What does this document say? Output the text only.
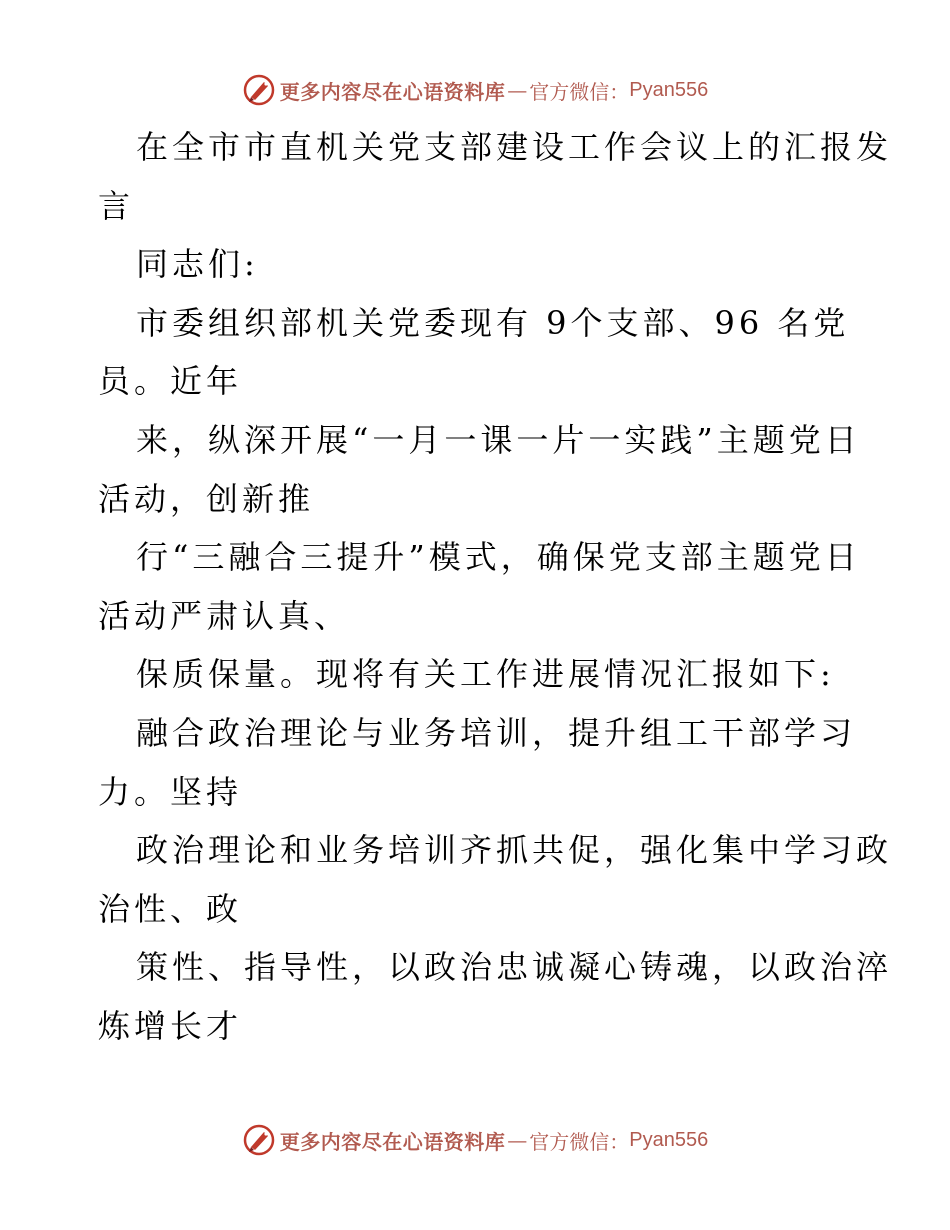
更多内容尽在心语资料库 — 官方微信： Pyan556
在全市市直机关党支部建设工作会议上的汇报发
言
同志们:
市委组织部机关党委现有 9个支部、96 名党
员。近年
来，纵深开展“一月一课一片一实践”主题党日
活动，创新推
行“三融合三提升”模式，确保党支部主题党日
活动严肃认真、
保质保量。现将有关工作进展情况汇报如下:
融合政治理论与业务培训，提升组工干部学习
力。坚持
政治理论和业务培训齐抓共促，强化集中学习政
治性、政
策性、指导性，以政治忠诚凝心铸魂，以政治淬
炼增长才
更多内容尽在心语资料库 — 官方微信： Pyan556
